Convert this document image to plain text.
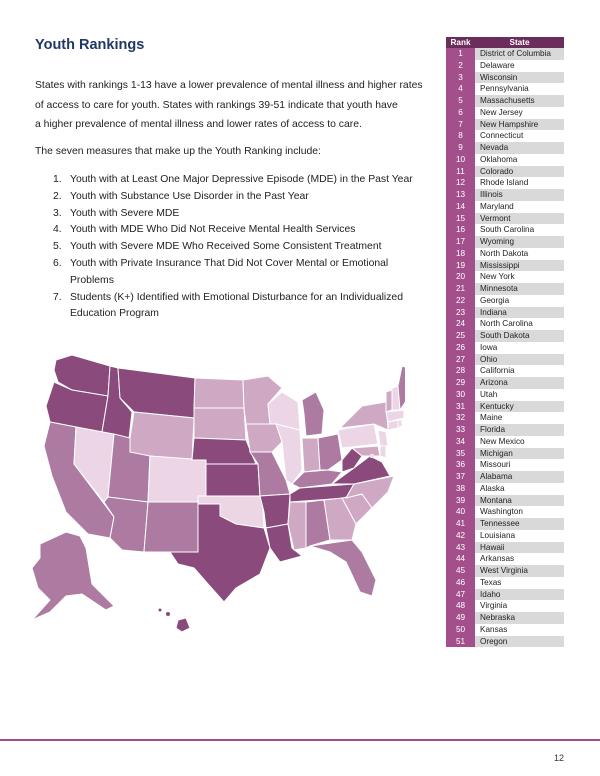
Youth Rankings

States with rankings 1-13 have a lower prevalence of mental illness and higher rates
of access to care for youth. States with rankings 39-51 indicate that youth have
a higher prevalence of mental illness and lower rates of access to care.

The seven measures that make up the Youth Ranking include:

1. Youth with at Least One Major Depressive Episode (MDE) in the Past Year
2. Youth with Substance Use Disorder in the Past Year
3. Youth with Severe MDE
4. Youth with MDE Who Did Not Receive Mental Health Services
5. Youth with Severe MDE Who Received Some Consistent Treatment
6. Youth with Private Insurance That Did Not Cover Mental or Emotional
Problems
7. Students (K+) Identified with Emotional Disturbance for an Individualized
Education Program
Rank	State
1	District of Columbia
2	Delaware
3	Wisconsin
4	Pennsylvania
5	Massachusetts
6	New Jersey
7	New Hampshire
8	Connecticut
9	Nevada
10	Oklahoma
11	Colorado
12	Rhode Island
13	Illinois
14	Maryland
15	Vermont
16	South Carolina
17	Wyoming
18	North Dakota
19	Mississippi
20	New York
21	Minnesota
22	Georgia
23	Indiana
24	North Carolina
25	South Dakota
26	Iowa
27	Ohio
28	California
29	Arizona
30	Utah
31	Kentucky
32	Maine
33	Florida
34	New Mexico
35	Michigan
36	Missouri
37	Alabama
38	Alaska
39	Montana
40	Washington
41	Tennessee
42	Louisiana
43	Hawaii
44	Arkansas
45	West Virginia
46	Texas
47	Idaho
48	Virginia
49	Nebraska
50	Kansas
51	Oregon
12
